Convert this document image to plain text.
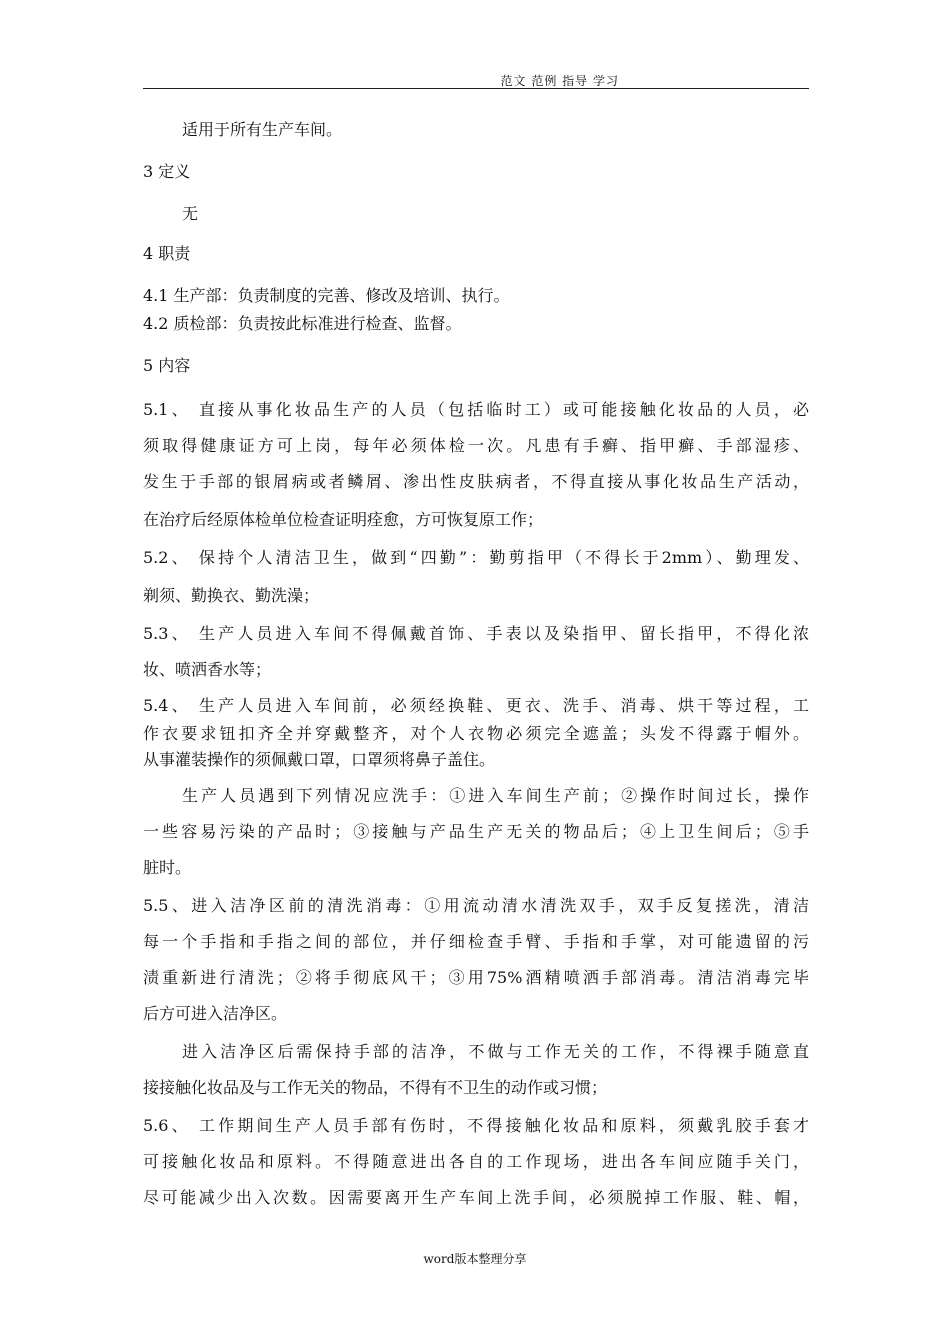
范文 范例 指导 学习
适用于所有生产车间。
3 定义
无
4 职责
4.1 生产部：负责制度的完善、修改及培训、执行。
4.2 质检部：负责按此标准进行检查、监督。
5 内容
5.1、 直接从事化妆品生产的人员（包括临时工）或可能接触化妆品的人员，必
须取得健康证方可上岗，每年必须体检一次。凡患有手癣、指甲癣、手部湿疹、
发生于手部的银屑病或者鳞屑、渗出性皮肤病者，不得直接从事化妆品生产活动，
在治疗后经原体检单位检查证明痊愈，方可恢复原工作；
5.2、 保持个人清洁卫生，做到“四勤”：勤剪指甲（不得长于2mm）、勤理发、
剃须、勤换衣、勤洗澡；
5.3、 生产人员进入车间不得佩戴首饰、手表以及染指甲、留长指甲，不得化浓
妆、喷洒香水等；
5.4、 生产人员进入车间前，必须经换鞋、更衣、洗手、消毒、烘干等过程，工
作衣要求钮扣齐全并穿戴整齐，对个人衣物必须完全遮盖；头发不得露于帽外。
从事灌装操作的须佩戴口罩，口罩须将鼻子盖住。
生产人员遇到下列情况应洗手：①进入车间生产前；②操作时间过长，操作
一些容易污染的产品时；③接触与产品生产无关的物品后；④上卫生间后；⑤手
脏时。
5.5、进入洁净区前的清洗消毒：①用流动清水清洗双手，双手反复搓洗，清洁
每一个手指和手指之间的部位，并仔细检查手臂、手指和手掌，对可能遗留的污
渍重新进行清洗；②将手彻底风干；③用75%酒精喷洒手部消毒。清洁消毒完毕
后方可进入洁净区。
进入洁净区后需保持手部的洁净，不做与工作无关的工作，不得裸手随意直
接接触化妆品及与工作无关的物品，不得有不卫生的动作或习惯；
5.6、 工作期间生产人员手部有伤时，不得接触化妆品和原料，须戴乳胶手套才
可接触化妆品和原料。不得随意进出各自的工作现场，进出各车间应随手关门，
尽可能减少出入次数。因需要离开生产车间上洗手间，必须脱掉工作服、鞋、帽，
word版本整理分享
